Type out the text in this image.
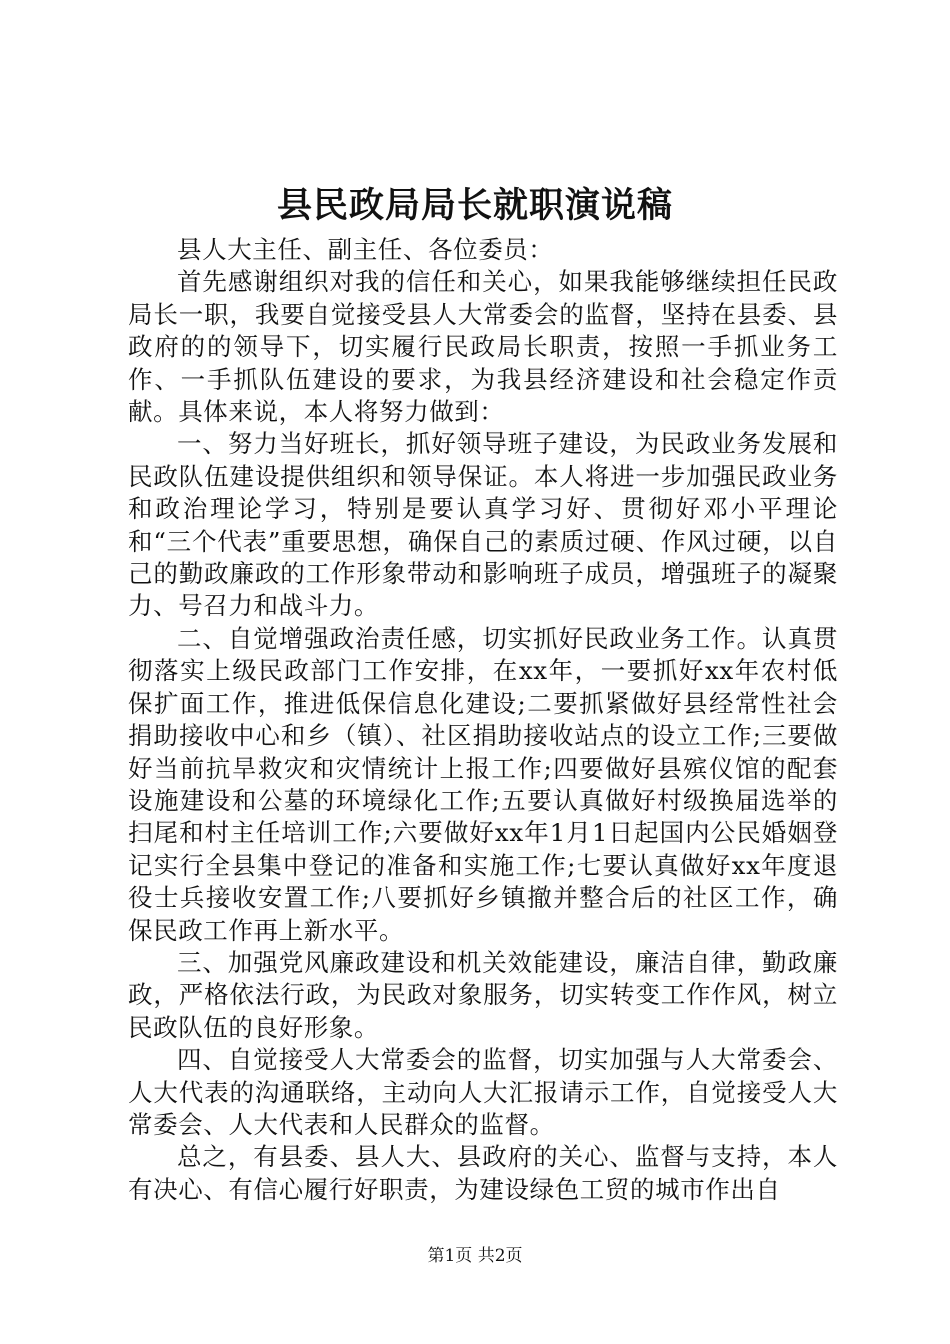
县民政局局长就职演说稿

县人大主任、副主任、各位委员：

首先感谢组织对我的信任和关心，如果我能够继续担任民政局长一职，我要自觉接受县人大常委会的监督，坚持在县委、县政府的的领导下，切实履行民政局长职责，按照一手抓业务工作、一手抓队伍建设的要求，为我县经济建设和社会稳定作贡献。具体来说，本人将努力做到：

一、努力当好班长，抓好领导班子建设，为民政业务发展和民政队伍建设提供组织和领导保证。本人将进一步加强民政业务和政治理论学习，特别是要认真学习好、贯彻好邓小平理论和“三个代表”重要思想，确保自己的素质过硬、作风过硬，以自己的勤政廉政的工作形象带动和影响班子成员，增强班子的凝聚力、号召力和战斗力。

二、自觉增强政治责任感，切实抓好民政业务工作。认真贯彻落实上级民政部门工作安排，在xx年，一要抓好xx年农村低保扩面工作，推进低保信息化建设;二要抓紧做好县经常性社会捐助接收中心和乡（镇）、社区捐助接收站点的设立工作;三要做好当前抗旱救灾和灾情统计上报工作;四要做好县殡仪馆的配套设施建设和公墓的环境绿化工作;五要认真做好村级换届选举的扫尾和村主任培训工作;六要做好xx年1月1日起国内公民婚姻登记实行全县集中登记的准备和实施工作;七要认真做好xx年度退役士兵接收安置工作;八要抓好乡镇撤并整合后的社区工作，确保民政工作再上新水平。

三、加强党风廉政建设和机关效能建设，廉洁自律，勤政廉政，严格依法行政，为民政对象服务，切实转变工作作风，树立民政队伍的良好形象。

四、自觉接受人大常委会的监督，切实加强与人大常委会、人大代表的沟通联络，主动向人大汇报请示工作，自觉接受人大常委会、人大代表和人民群众的监督。

总之，有县委、县人大、县政府的关心、监督与支持，本人有决心、有信心履行好职责，为建设绿色工贸的城市作出自

第1页 共2页
